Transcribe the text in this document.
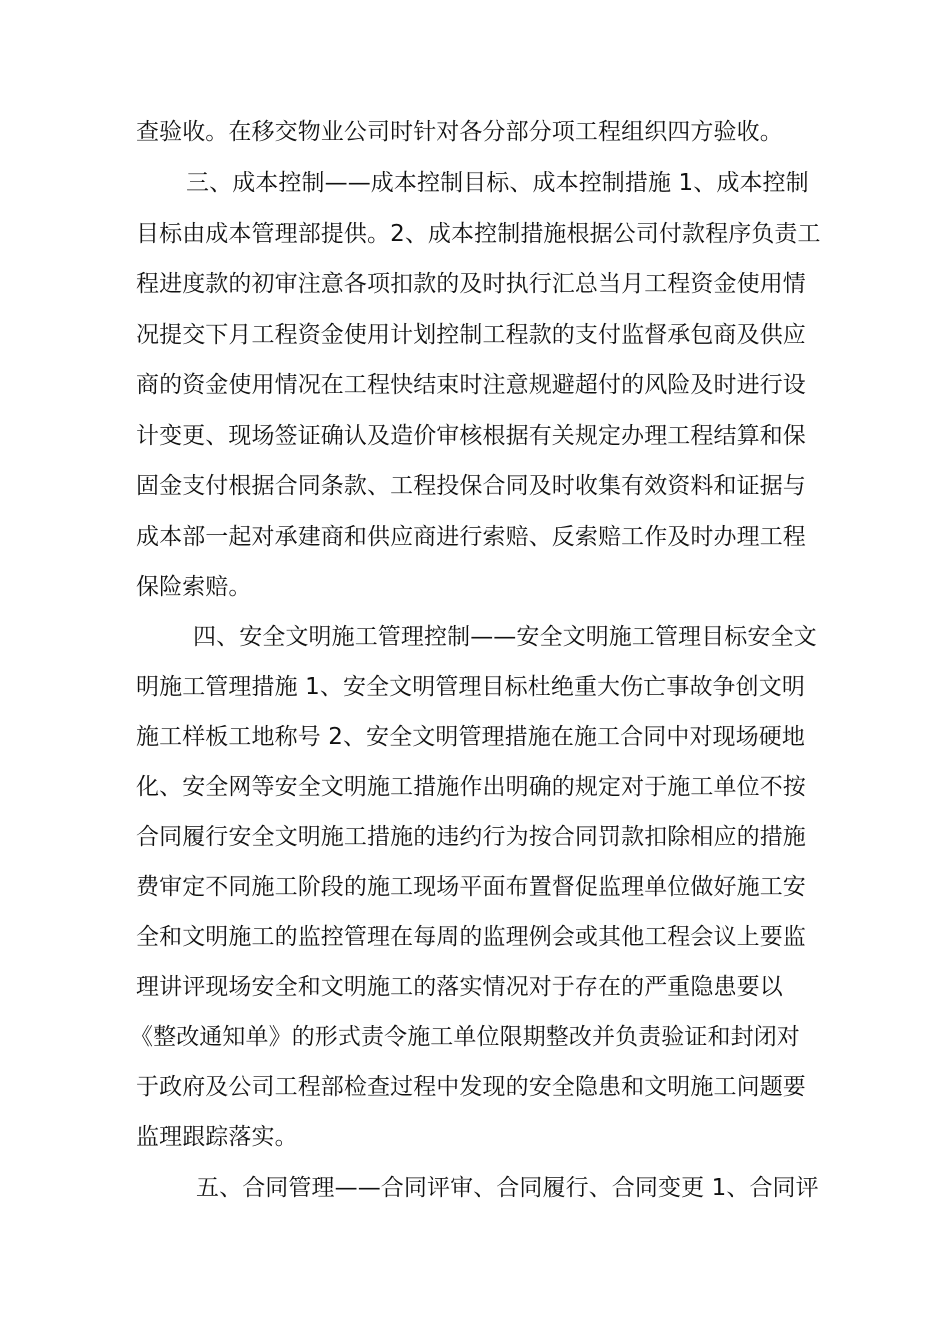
查验收。在移交物业公司时针对各分部分项工程组织四方验收。
三、成本控制——成本控制目标、成本控制措施 1、成本控制
目标由成本管理部提供。2、成本控制措施根据公司付款程序负责工
程进度款的初审注意各项扣款的及时执行汇总当月工程资金使用情
况提交下月工程资金使用计划控制工程款的支付监督承包商及供应
商的资金使用情况在工程快结束时注意规避超付的风险及时进行设
计变更、现场签证确认及造价审核根据有关规定办理工程结算和保
固金支付根据合同条款、工程投保合同及时收集有效资料和证据与
成本部一起对承建商和供应商进行索赔、反索赔工作及时办理工程
保险索赔。
四、安全文明施工管理控制——安全文明施工管理目标安全文
明施工管理措施 1、安全文明管理目标杜绝重大伤亡事故争创文明
施工样板工地称号 2、安全文明管理措施在施工合同中对现场硬地
化、安全网等安全文明施工措施作出明确的规定对于施工单位不按
合同履行安全文明施工措施的违约行为按合同罚款扣除相应的措施
费审定不同施工阶段的施工现场平面布置督促监理单位做好施工安
全和文明施工的监控管理在每周的监理例会或其他工程会议上要监
理讲评现场安全和文明施工的落实情况对于存在的严重隐患要以
《整改通知单》的形式责令施工单位限期整改并负责验证和封闭对
于政府及公司工程部检查过程中发现的安全隐患和文明施工问题要
监理跟踪落实。
五、合同管理——合同评审、合同履行、合同变更 1、合同评
